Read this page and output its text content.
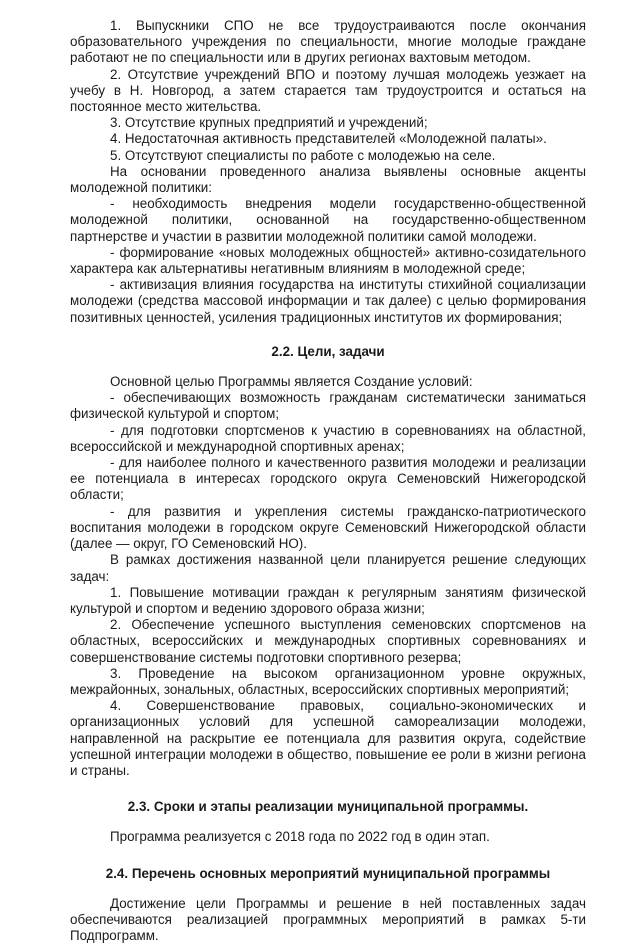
1. Выпускники СПО не все трудоустраиваются после окончания образовательного учреждения по специальности, многие молодые граждане работают не по специальности или в других регионах вахтовым методом.

2. Отсутствие учреждений ВПО и поэтому лучшая молодежь уезжает на учебу в Н. Новгород, а затем старается там трудоустроится и остаться на постоянное место жительства.

3. Отсутствие крупных предприятий и учреждений;

4. Недостаточная активность представителей «Молодежной палаты».

5. Отсутствуют специалисты по работе с молодежью на селе.

На основании проведенного анализа выявлены основные акценты молодежной политики:

- необходимость внедрения модели государственно-общественной молодежной политики, основанной на государственно-общественном партнерстве и участии в развитии молодежной политики самой молодежи.

- формирование «новых молодежных общностей» активно-созидательного характера как альтернативы негативным влияниям в молодежной среде;

- активизация влияния государства на институты стихийной социализации молодежи (средства массовой информации и так далее) с целью формирования позитивных ценностей, усиления традиционных институтов их формирования;

2.2. Цели, задачи

Основной целью Программы является Создание условий:

- обеспечивающих возможность гражданам систематически заниматься физической культурой и спортом;

- для подготовки спортсменов к участию в соревнованиях на областной, всероссийской и международной спортивных аренах;

- для наиболее полного и качественного развития молодежи и реализации ее потенциала в интересах городского округа Семеновский Нижегородской области;

- для развития и укрепления системы гражданско-патриотического воспитания молодежи в городском округе Семеновский Нижегородской области (далее — округ, ГО Семеновский НО).

В рамках достижения названной цели планируется решение следующих задач:

1. Повышение мотивации граждан к регулярным занятиям физической культурой и спортом и ведению здорового образа жизни;

2. Обеспечение успешного выступления семеновских спортсменов на областных, всероссийских и международных спортивных соревнованиях и совершенствование системы подготовки спортивного резерва;

3. Проведение на высоком организационном уровне окружных, межрайонных, зональных, областных, всероссийских спортивных мероприятий;

4. Совершенствование правовых, социально-экономических и организационных условий для успешной самореализации молодежи, направленной на раскрытие ее потенциала для развития округа, содействие успешной интеграции молодежи в общество, повышение ее роли в жизни региона и страны.

2.3. Сроки и этапы реализации муниципальной программы.

Программа реализуется с 2018 года по 2022 год в один этап.

2.4. Перечень основных мероприятий муниципальной программы

Достижение цели Программы и решение в ней поставленных задач обеспечиваются реализацией программных мероприятий в рамках 5-ти Подпрограмм.
